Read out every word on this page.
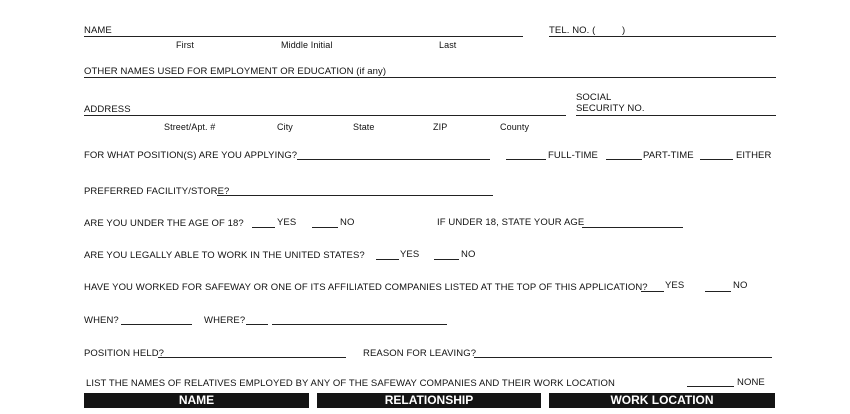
NAME	TEL. NO. (	)
First	Middle Initial	Last
OTHER NAMES USED FOR EMPLOYMENT OR EDUCATION (if any)
SOCIAL
SECURITY NO.
ADDRESS
Street/Apt. #	City	State	ZIP	County
FOR WHAT POSITION(S) ARE YOU APPLYING?	FULL-TIME	PART-TIME	EITHER
PREFERRED FACILITY/STORE?
ARE YOU UNDER THE AGE OF 18?	YES	NO	IF UNDER 18, STATE YOUR AGE
ARE YOU LEGALLY ABLE TO WORK IN THE UNITED STATES?	YES	NO
HAVE YOU WORKED FOR SAFEWAY OR ONE OF ITS AFFILIATED COMPANIES LISTED AT THE TOP OF THIS APPLICATION? YES	NO
WHEN?	WHERE?
POSITION HELD?	REASON FOR LEAVING?
LIST THE NAMES OF RELATIVES EMPLOYED BY ANY OF THE SAFEWAY COMPANIES AND THEIR WORK LOCATION	NONE
NAME	RELATIONSHIP	WORK LOCATION
